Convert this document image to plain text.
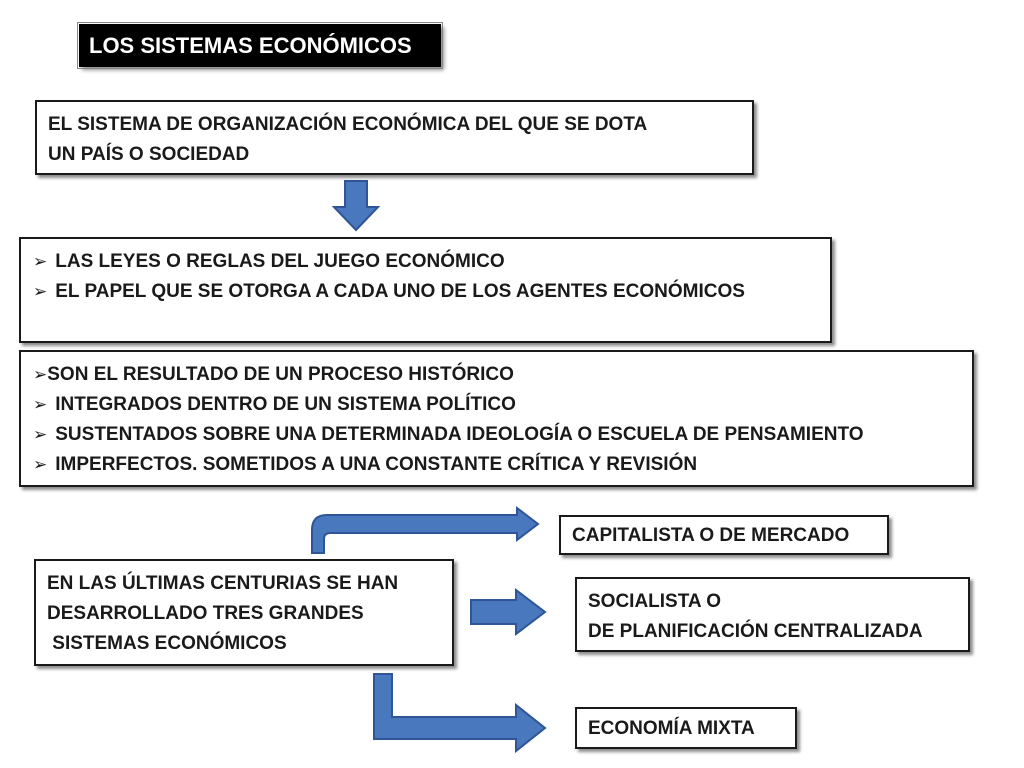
LOS SISTEMAS ECONÓMICOS
EL SISTEMA DE ORGANIZACIÓN ECONÓMICA DEL QUE SE DOTA
UN PAÍS O SOCIEDAD
➢ LAS LEYES O REGLAS DEL JUEGO ECONÓMICO
➢ EL PAPEL QUE SE OTORGA A CADA UNO DE LOS AGENTES ECONÓMICOS
➢SON EL RESULTADO DE UN PROCESO HISTÓRICO
➢ INTEGRADOS DENTRO DE UN SISTEMA POLÍTICO
➢ SUSTENTADOS SOBRE UNA DETERMINADA IDEOLOGÍA O ESCUELA DE PENSAMIENTO
➢ IMPERFECTOS. SOMETIDOS A UNA CONSTANTE CRÍTICA Y REVISIÓN
CAPITALISTA O DE MERCADO
EN LAS ÚLTIMAS CENTURIAS SE HAN
DESARROLLADO TRES GRANDES
SISTEMAS ECONÓMICOS
SOCIALISTA O
DE PLANIFICACIÓN CENTRALIZADA
ECONOMÍA MIXTA
